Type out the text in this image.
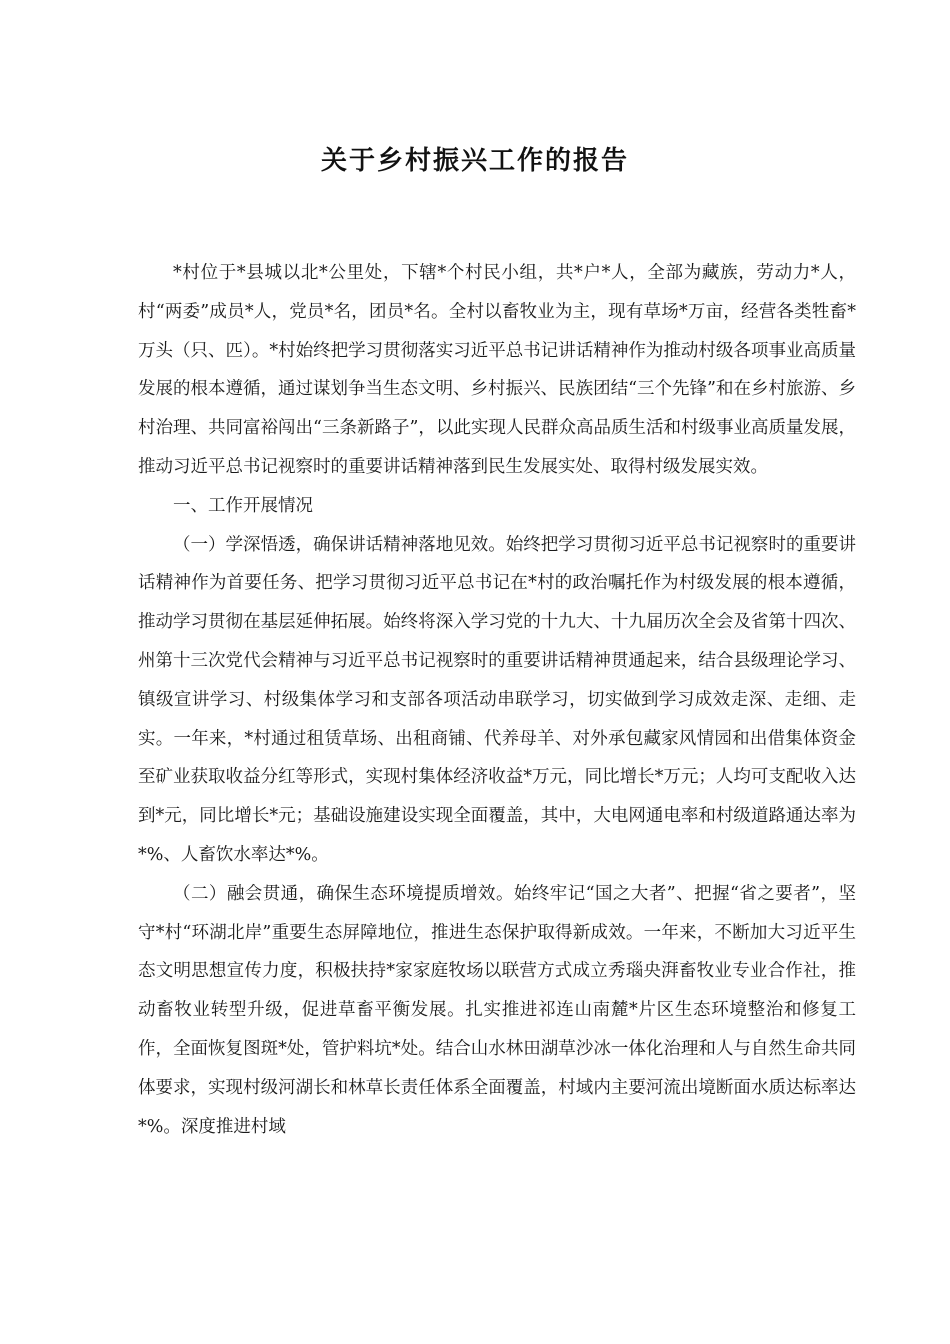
关于乡村振兴工作的报告

*村位于*县城以北*公里处，下辖*个村民小组，共*户*人，全部为藏族，劳动力*人，村“两委”成员*人，党员*名，团员*名。全村以畜牧业为主，现有草场*万亩，经营各类牲畜*万头（只、匹）。*村始终把学习贯彻落实习近平总书记讲话精神作为推动村级各项事业高质量发展的根本遵循，通过谋划争当生态文明、乡村振兴、民族团结“三个先锋”和在乡村旅游、乡村治理、共同富裕闯出“三条新路子”，以此实现人民群众高品质生活和村级事业高质量发展，推动习近平总书记视察时的重要讲话精神落到民生发展实处、取得村级发展实效。

一、工作开展情况

（一）学深悟透，确保讲话精神落地见效。始终把学习贯彻习近平总书记视察时的重要讲话精神作为首要任务、把学习贯彻习近平总书记在*村的政治嘱托作为村级发展的根本遵循，推动学习贯彻在基层延伸拓展。始终将深入学习党的十九大、十九届历次全会及省第十四次、州第十三次党代会精神与习近平总书记视察时的重要讲话精神贯通起来，结合县级理论学习、镇级宣讲学习、村级集体学习和支部各项活动串联学习，切实做到学习成效走深、走细、走实。一年来，*村通过租赁草场、出租商铺、代养母羊、对外承包藏家风情园和出借集体资金至矿业获取收益分红等形式，实现村集体经济收益*万元，同比增长*万元；人均可支配收入达到*元，同比增长*元；基础设施建设实现全面覆盖，其中，大电网通电率和村级道路通达率为*%、人畜饮水率达*%。

（二）融会贯通，确保生态环境提质增效。始终牢记“国之大者”、把握“省之要者”，坚守*村“环湖北岸”重要生态屏障地位，推进生态保护取得新成效。一年来，不断加大习近平生态文明思想宣传力度，积极扶持*家家庭牧场以联营方式成立秀瑙央湃畜牧业专业合作社，推动畜牧业转型升级，促进草畜平衡发展。扎实推进祁连山南麓*片区生态环境整治和修复工作，全面恢复图斑*处，管护料坑*处。结合山水林田湖草沙冰一体化治理和人与自然生命共同体要求，实现村级河湖长和林草长责任体系全面覆盖，村域内主要河流出境断面水质达标率达*%。深度推进村域
